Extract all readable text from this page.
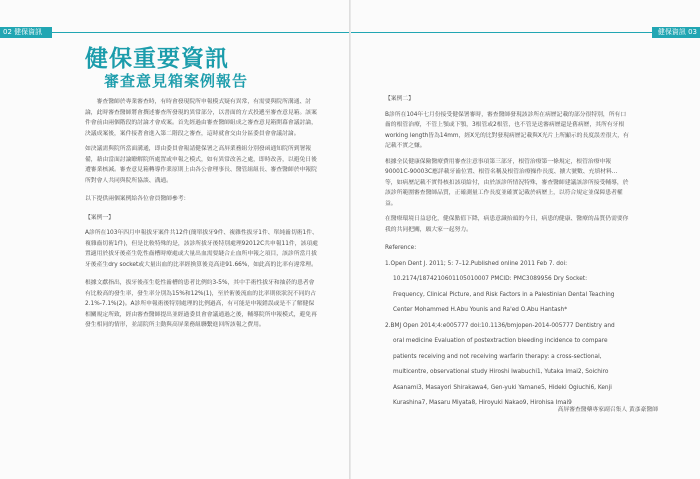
02 健保資訊	健保資訊 03
健保重要資訊
審查意見箱案例報告

審查醫師於專業審查時，有時會發現院所申報模式疑有異常，有需要與院所溝通、討論，此時審查醫師將會撰述審查所發現的異常部分，以書面的方式投遞至審查意見箱。該案件會前由兩個階段的討論才會成案。首先經過由審查醫師組成之審查意見箱開幕會議討論，決議成案後，案件接著會進入第二階段之審查，這時就會交由分區委員會會議討論。

如決議需與院所當面溝通，即由委員會報請健保署之高屏業務組分別發函通知院所到署報備，藉由當面討論瞭解院所處置或申報之模式，如有異常改善之處，即時改善，以避免日後遭審業核減。審查意見箱轉導作業原則上由各公會理事長、醫管組組長、審查醫師於申報院所對會人共同與院所協談、溝通。

以下提供兩個案例給各位會員醫師參考：

【案例一】

A診所在103年四月申報拔牙案件共12件(簡單拔牙9件、複雜性拔牙1件、單純齒切術1件、複雜齒切術1件)，但是比較特殊的是，該診所拔牙後特別處理92012C共申報11件，該項處置適用於拔牙後產生乾性齒槽時療處或大量出血需要縫合止血所申報之項目，該診所當月拔牙後產生dry socket或大量出血的比率經換算後竟高達91.66%，如此高的比率有違常理。

根據文獻指出，拔牙後產生乾性齒槽的患者比例約3-5%，其中手術性拔牙和抽菸的患者會有比較高的發生率，發生率分別為15%和12%(1)，至於術後流血的比率則依狀況不同約占2.1%-7.1%(2)。A診所申報術後特別處理的比例過高，有可能是申報錯誤或是不了解健保相關規定所致，經由審查醫師提出並經過委員會會議通過之後，輔導院所申報模式，避免再發生相同的情形，並請院所主動與高屏業務組聯繫進回所該報之費用。

【案例二】

B診所在104年七月份接受健保署審時，審查醫師發現該診所在病歷記載的部分很特別，所有口齒的根管治療，不管上顎或下顎，3根管或2根管，也不管是送審病歷還是舊病歷，其所有牙根working length皆為14mm，經X光的比對發現病歷記載與X光片上所顯示的長度誤差很大，有記載不實之嫌。

根據全民健康保險醫療費用審查注意事項第三部牙，根管治療第一條規定，根管治療申報90001C-90003C應詳載牙齒位置、根管名稱及根管治療操作長度、擴大號數、充填材料…等，如病歷記載不實得核扣該項給付，由於該診所情況特殊，審查醫師建議該診所接受輔導，於該診所範圍審查醫師品質，正確測量工作長度並確實記載於病歷上，以符合規定並保障患者權益。

在醫療環境日益惡化，健保點值下降，病患意識抬頭的今日，病患的健康、醫療的品質仍需要你我的共同把關，願大家一起努力。

Reference:

1.Open Dent J. 2011; 5: 7–12.Published online 2011 Feb 7. doi:

10.2174/1874210601105010007 PMCID: PMC3089956 Dry Socket:

Frequency, Clinical Picture, and Risk Factors in a Palestinian Dental Teaching

Center Mohammed H.Abu Younis and Ra'ed O.Abu Hantash*

2.BMJ Open 2014;4:e005777 doi:10.1136/bmjopen-2014-005777 Dentistry and

oral medicine Evaluation of postextraction bleeding incidence to compare

patients receiving and not receiving warfarin therapy: a cross-sectional,

multicentre, observational study Hiroshi Iwabuchi1, Yutaka Imai2, Soichiro

Asanami3, Masayori Shirakawa4, Gen-yuki Yamane5, Hideki Ogiuchi6, Kenji

Kurashina7, Masaru Miyata8, Hiroyuki Nakao9, Hirohisa Imai9

高屏審查醫藥專家副召集人 黃彥豪醫師
